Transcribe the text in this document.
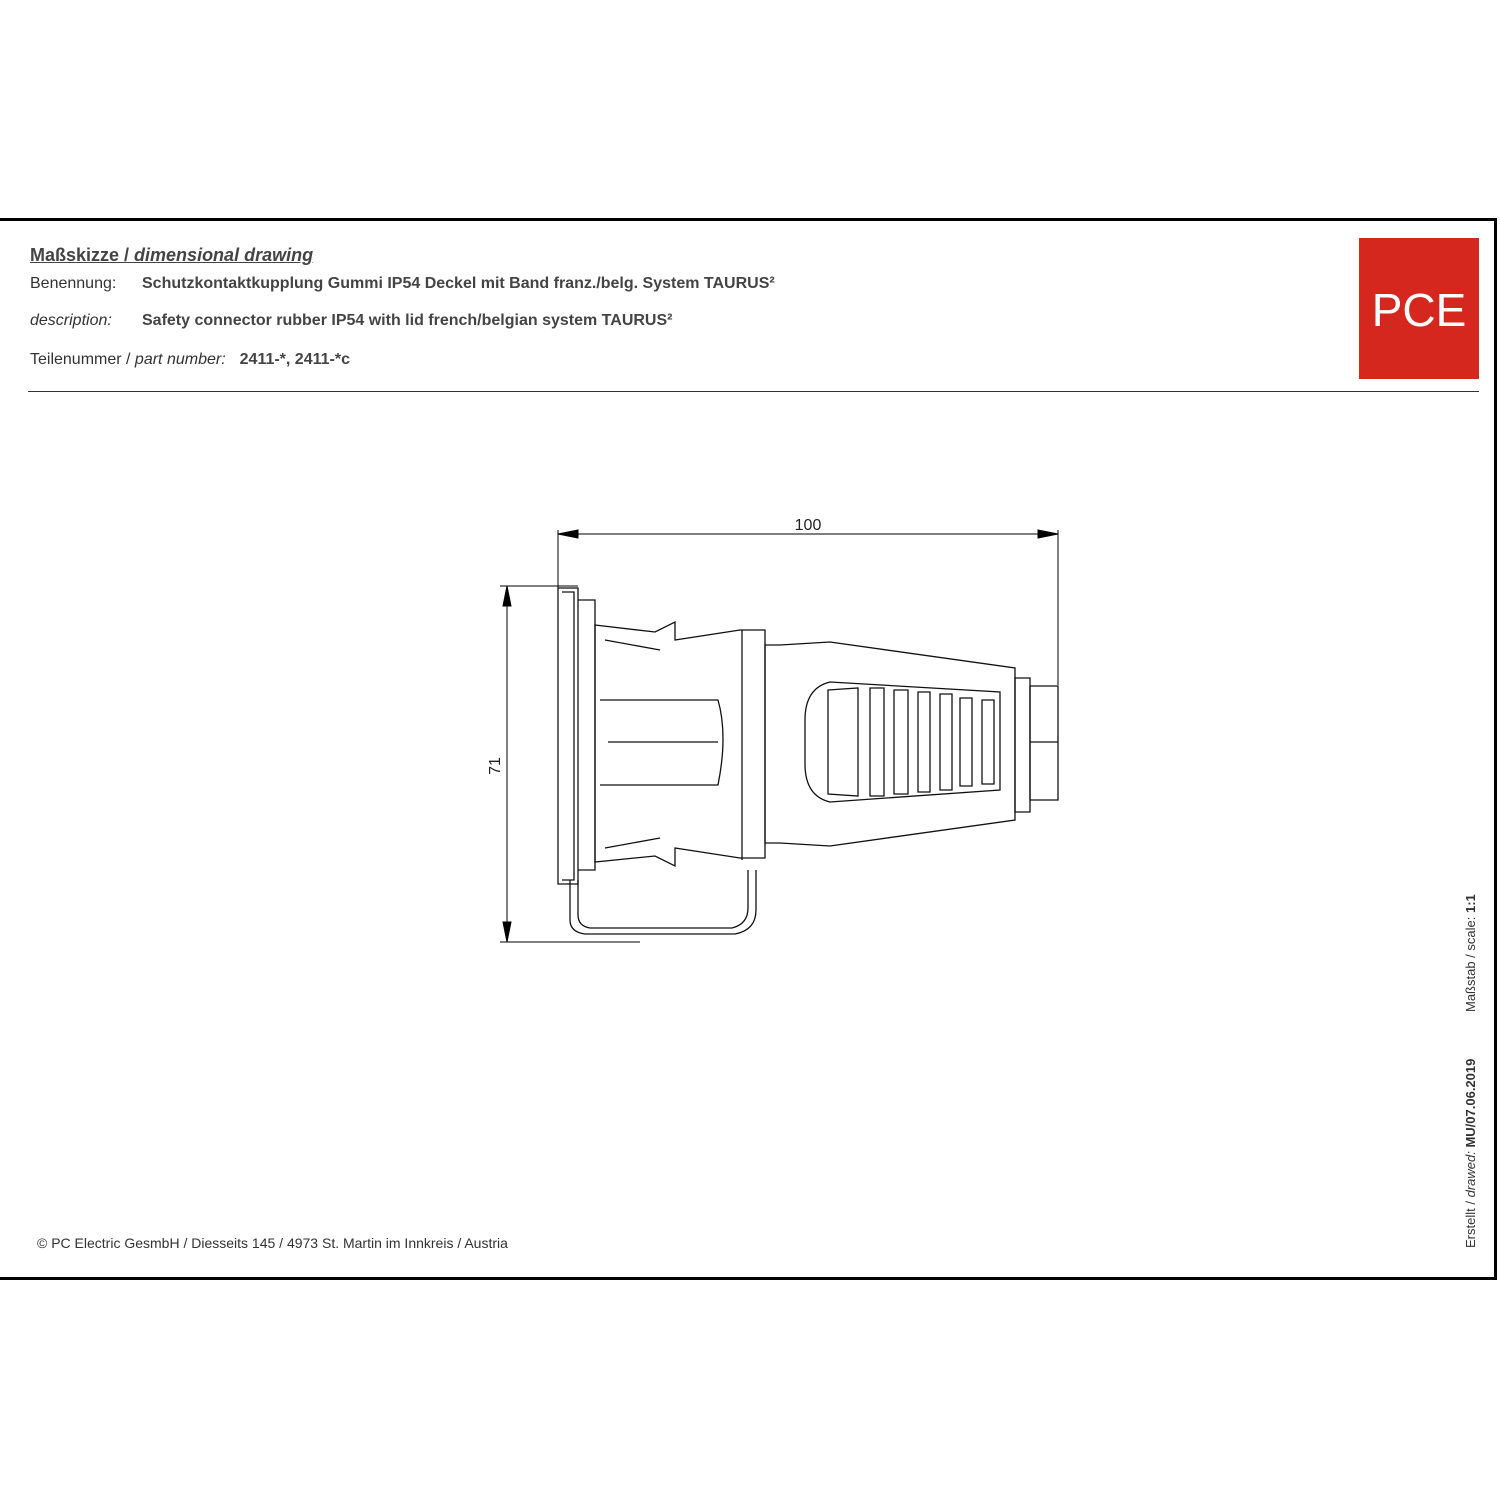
Maßskizze / dimensional drawing
Benennung: Schutzkontaktkupplung Gummi IP54 Deckel mit Band franz./belg. System TAURUS²
description: Safety connector rubber IP54 with lid french/belgian system TAURUS²
Teilenummer / part number: 2411-*, 2411-*c
PCE
© PC Electric GesmbH / Diesseits 145 / 4973 St. Martin im Innkreis / Austria
100
71
Erstellt / drawed: MU/07.06.2019
Maßstab / scale: 1:1
